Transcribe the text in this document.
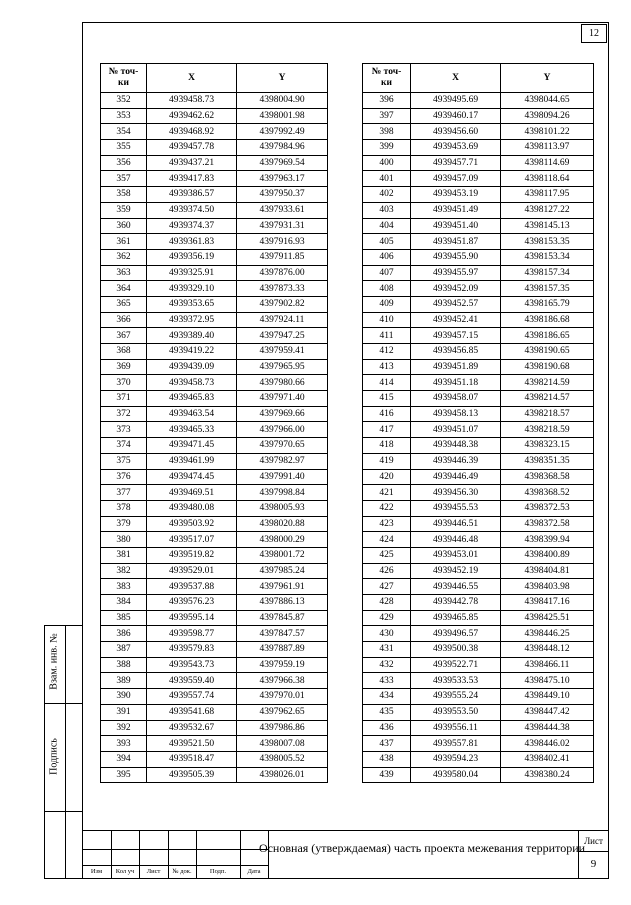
12
№ точ-
ки	X	Y
352	4939458.73	4398004.90
353	4939462.62	4398001.98
354	4939468.92	4397992.49
355	4939457.78	4397984.96
356	4939437.21	4397969.54
357	4939417.83	4397963.17
358	4939386.57	4397950.37
359	4939374.50	4397933.61
360	4939374.37	4397931.31
361	4939361.83	4397916.93
362	4939356.19	4397911.85
363	4939325.91	4397876.00
364	4939329.10	4397873.33
365	4939353.65	4397902.82
366	4939372.95	4397924.11
367	4939389.40	4397947.25
368	4939419.22	4397959.41
369	4939439.09	4397965.95
370	4939458.73	4397980.66
371	4939465.83	4397971.40
372	4939463.54	4397969.66
373	4939465.33	4397966.00
374	4939471.45	4397970.65
375	4939461.99	4397982.97
376	4939474.45	4397991.40
377	4939469.51	4397998.84
378	4939480.08	4398005.93
379	4939503.92	4398020.88
380	4939517.07	4398000.29
381	4939519.82	4398001.72
382	4939529.01	4397985.24
383	4939537.88	4397961.91
384	4939576.23	4397886.13
385	4939595.14	4397845.87
386	4939598.77	4397847.57
387	4939579.83	4397887.89
388	4939543.73	4397959.19
389	4939559.40	4397966.38
390	4939557.74	4397970.01
391	4939541.68	4397962.65
392	4939532.67	4397986.86
393	4939521.50	4398007.08
394	4939518.47	4398005.52
395	4939505.39	4398026.01
№ точ-
ки	X	Y
396	4939495.69	4398044.65
397	4939460.17	4398094.26
398	4939456.60	4398101.22
399	4939453.69	4398113.97
400	4939457.71	4398114.69
401	4939457.09	4398118.64
402	4939453.19	4398117.95
403	4939451.49	4398127.22
404	4939451.40	4398145.13
405	4939451.87	4398153.35
406	4939455.90	4398153.34
407	4939455.97	4398157.34
408	4939452.09	4398157.35
409	4939452.57	4398165.79
410	4939452.41	4398186.68
411	4939457.15	4398186.65
412	4939456.85	4398190.65
413	4939451.89	4398190.68
414	4939451.18	4398214.59
415	4939458.07	4398214.57
416	4939458.13	4398218.57
417	4939451.07	4398218.59
418	4939448.38	4398323.15
419	4939446.39	4398351.35
420	4939446.49	4398368.58
421	4939456.30	4398368.52
422	4939455.53	4398372.53
423	4939446.51	4398372.58
424	4939446.48	4398399.94
425	4939453.01	4398400.89
426	4939452.19	4398404.81
427	4939446.55	4398403.98
428	4939442.78	4398417.16
429	4939465.85	4398425.51
430	4939496.57	4398446.25
431	4939500.38	4398448.12
432	4939522.71	4398466.11
433	4939533.53	4398475.10
434	4939555.24	4398449.10
435	4939553.50	4398447.42
436	4939556.11	4398444.38
437	4939557.81	4398446.02
438	4939594.23	4398402.41
439	4939580.04	4398380.24
Взам. инв. №
Подпись
Изм	Кол уч	Лист	№ док.	Подп.	Дата
Основная (утверждаемая) часть проекта межевания территории Лист
9
